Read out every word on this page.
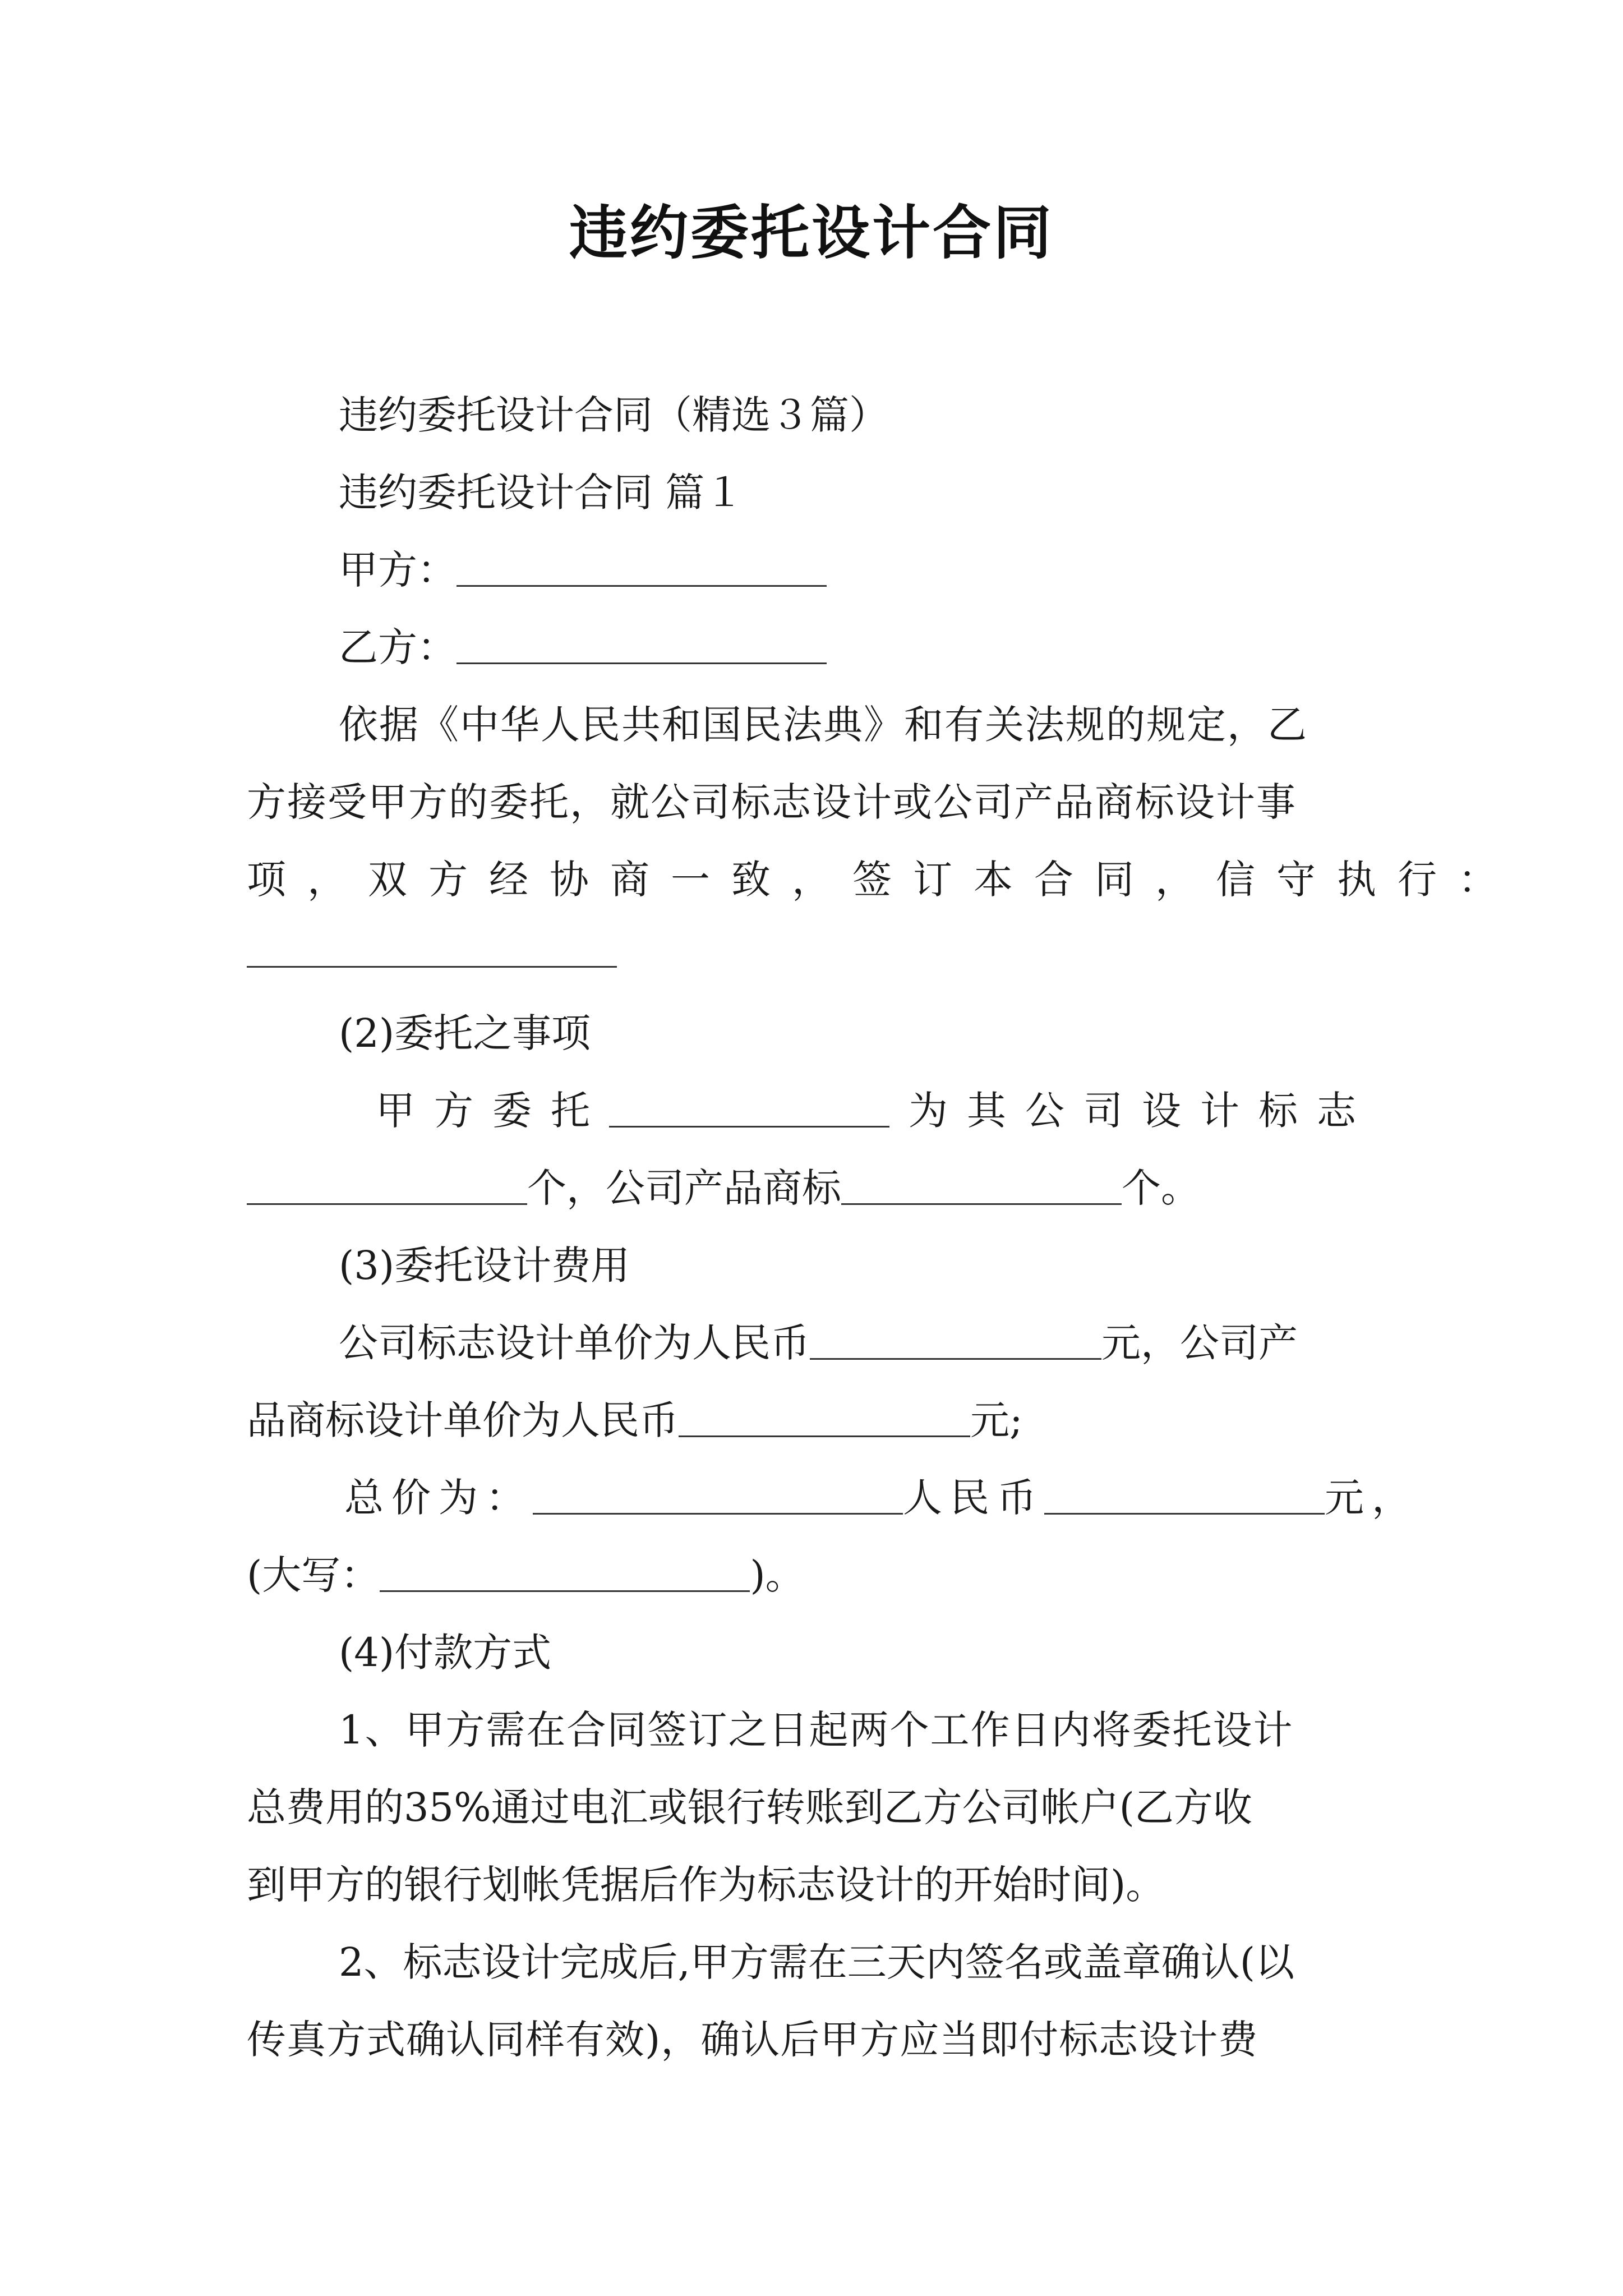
违约委托设计合同
违约委托设计合同（精选３篇）
违约委托设计合同 篇１
甲方：
乙方：
依据《中华人民共和国民法典》和有关法规的规定，乙
方接受甲方的委托，就公司标志设计或公司产品商标设计事
项，双方经协商一致，签订本合同，信守执行：
(2)委托之事项
甲方委托	为其公司设计标志
个，公司产品商标	个。
(3)委托设计费用
公司标志设计单价为人民币	元，公司产
品商标设计单价为人民币	元;
总价为：	人民币	元，
(大写：	)。
(4)付款方式
1、甲方需在合同签订之日起两个工作日内将委托设计
总费用的35%通过电汇或银行转账到乙方公司帐户(乙方收
到甲方的银行划帐凭据后作为标志设计的开始时间)。
2、标志设计完成后,甲方需在三天内签名或盖章确认(以
传真方式确认同样有效)，确认后甲方应当即付标志设计费
